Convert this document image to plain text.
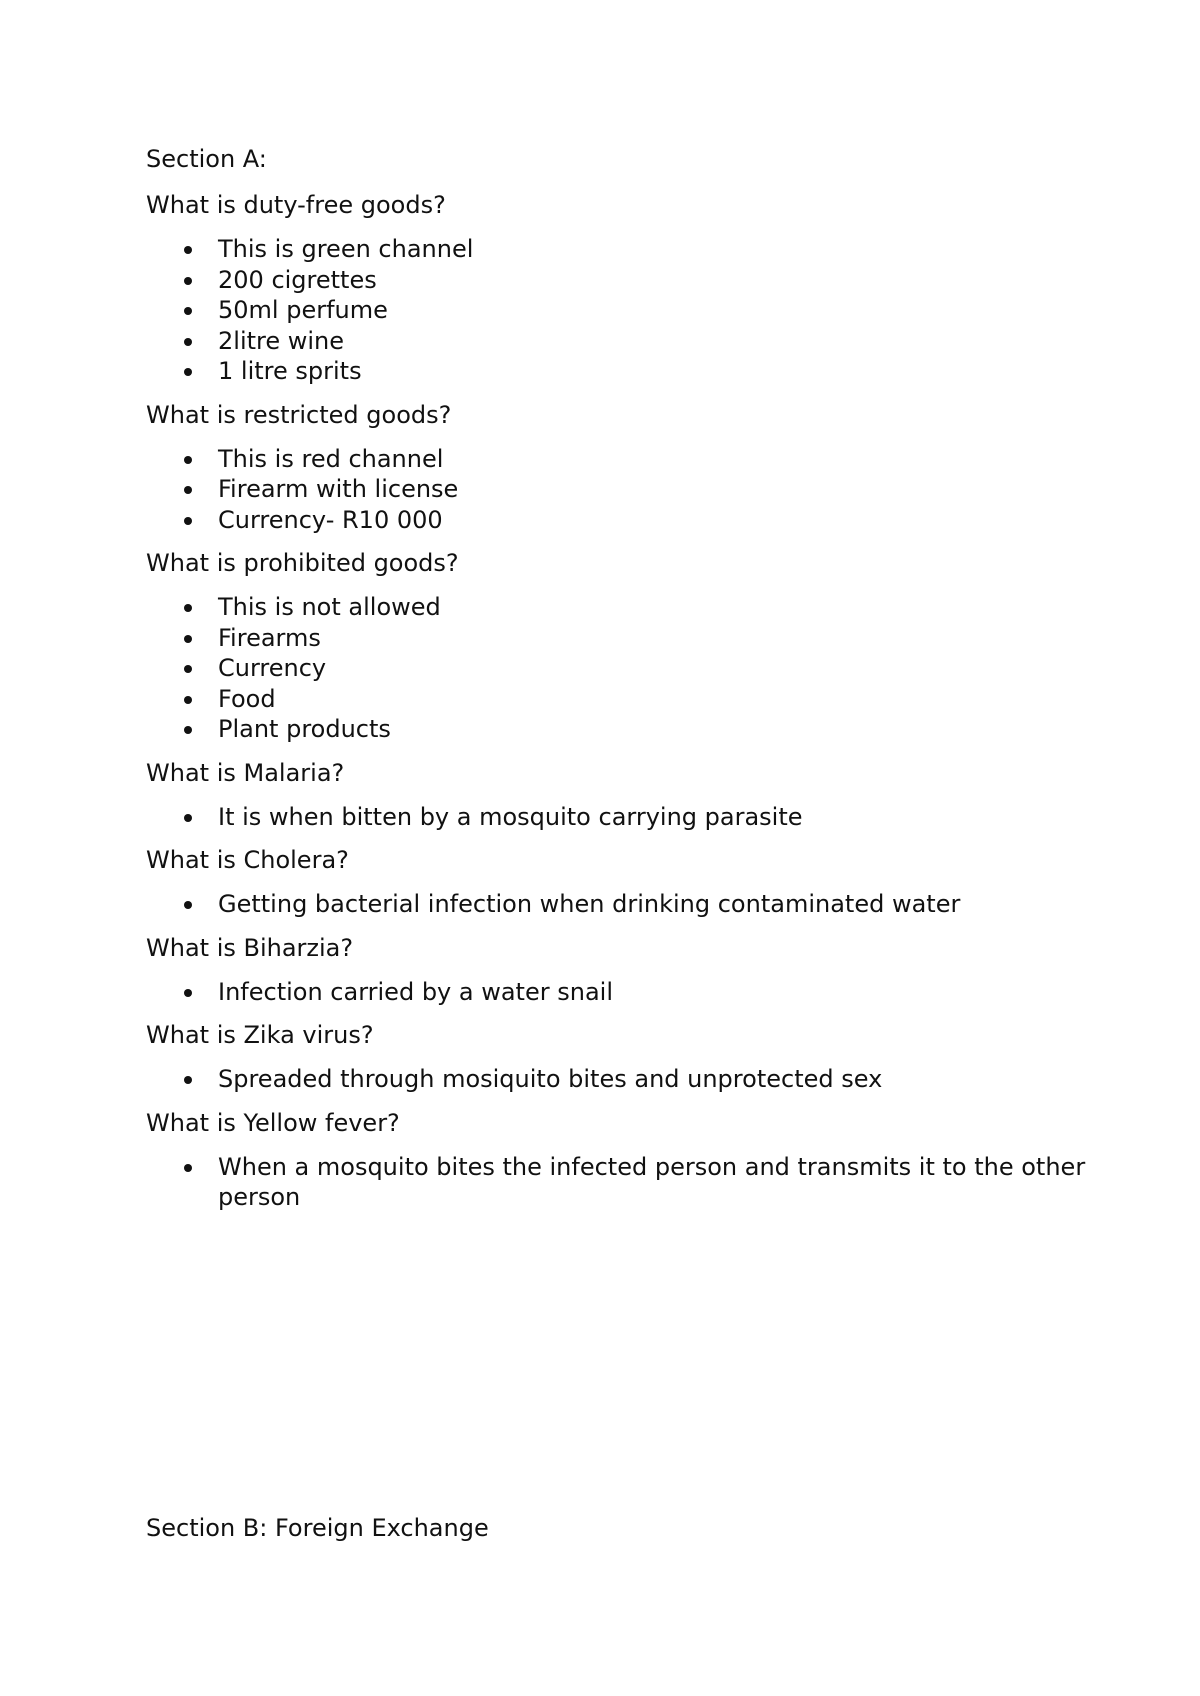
Section A:

What is duty-free goods?

This is green channel
200 cigrettes
50ml perfume
2litre wine
1 litre sprits

What is restricted goods?

This is red channel
Firearm with license
Currency- R10 000

What is prohibited goods?

This is not allowed
Firearms
Currency
Food
Plant products

What is Malaria?

It is when bitten by a mosquito carrying parasite

What is Cholera?

Getting bacterial infection when drinking contaminated water

What is Biharzia?

Infection carried by a water snail

What is Zika virus?

Spreaded through mosiquito bites and unprotected sex

What is Yellow fever?

When a mosquito bites the infected person and transmits it to the other person
Section B: Foreign Exchange
